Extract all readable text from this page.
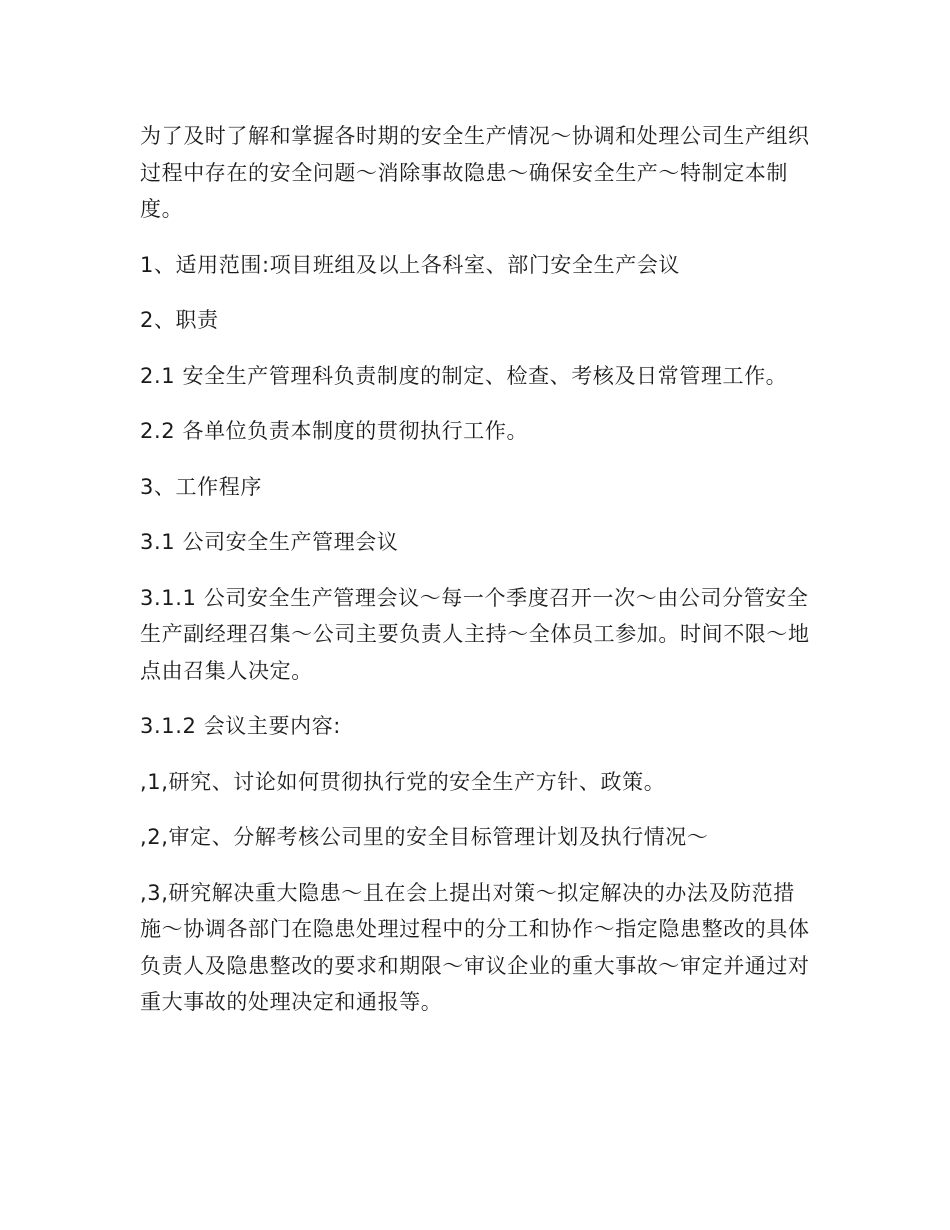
为了及时了解和掌握各时期的安全生产情况～协调和处理公司生产组织过程中存在的安全问题～消除事故隐患～确保安全生产～特制定本制度。

1、适用范围:项目班组及以上各科室、部门安全生产会议

2、职责

2.1 安全生产管理科负责制度的制定、检查、考核及日常管理工作。

2.2 各单位负责本制度的贯彻执行工作。

3、工作程序

3.1 公司安全生产管理会议

3.1.1 公司安全生产管理会议～每一个季度召开一次～由公司分管安全生产副经理召集～公司主要负责人主持～全体员工参加。时间不限～地点由召集人决定。

3.1.2 会议主要内容:

,1,研究、讨论如何贯彻执行党的安全生产方针、政策。

,2,审定、分解考核公司里的安全目标管理计划及执行情况～

,3,研究解决重大隐患～且在会上提出对策～拟定解决的办法及防范措施～协调各部门在隐患处理过程中的分工和协作～指定隐患整改的具体负责人及隐患整改的要求和期限～审议企业的重大事故～审定并通过对重大事故的处理决定和通报等。
